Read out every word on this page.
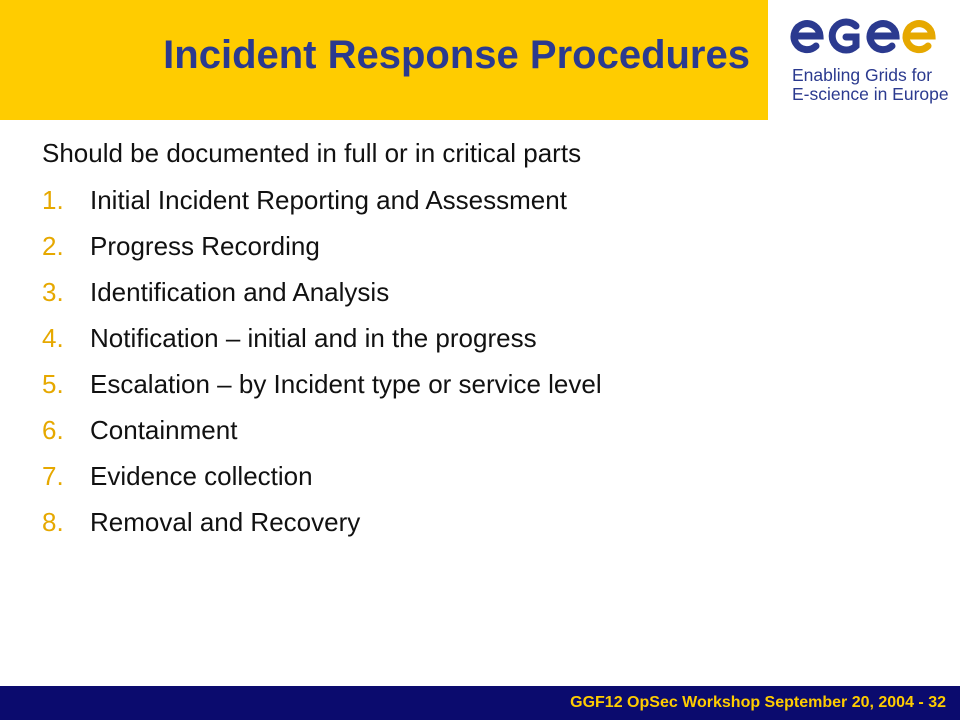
Incident Response Procedures
egee
Enabling Grids for
E-science in Europe
Should be documented in full or in critical parts
1. Initial Incident Reporting and Assessment
2. Progress Recording
3. Identification and Analysis
4. Notification – initial and in the progress
5. Escalation – by Incident type or service level
6. Containment
7. Evidence collection
8. Removal and Recovery
GGF12 OpSec Workshop September 20, 2004 - 32
